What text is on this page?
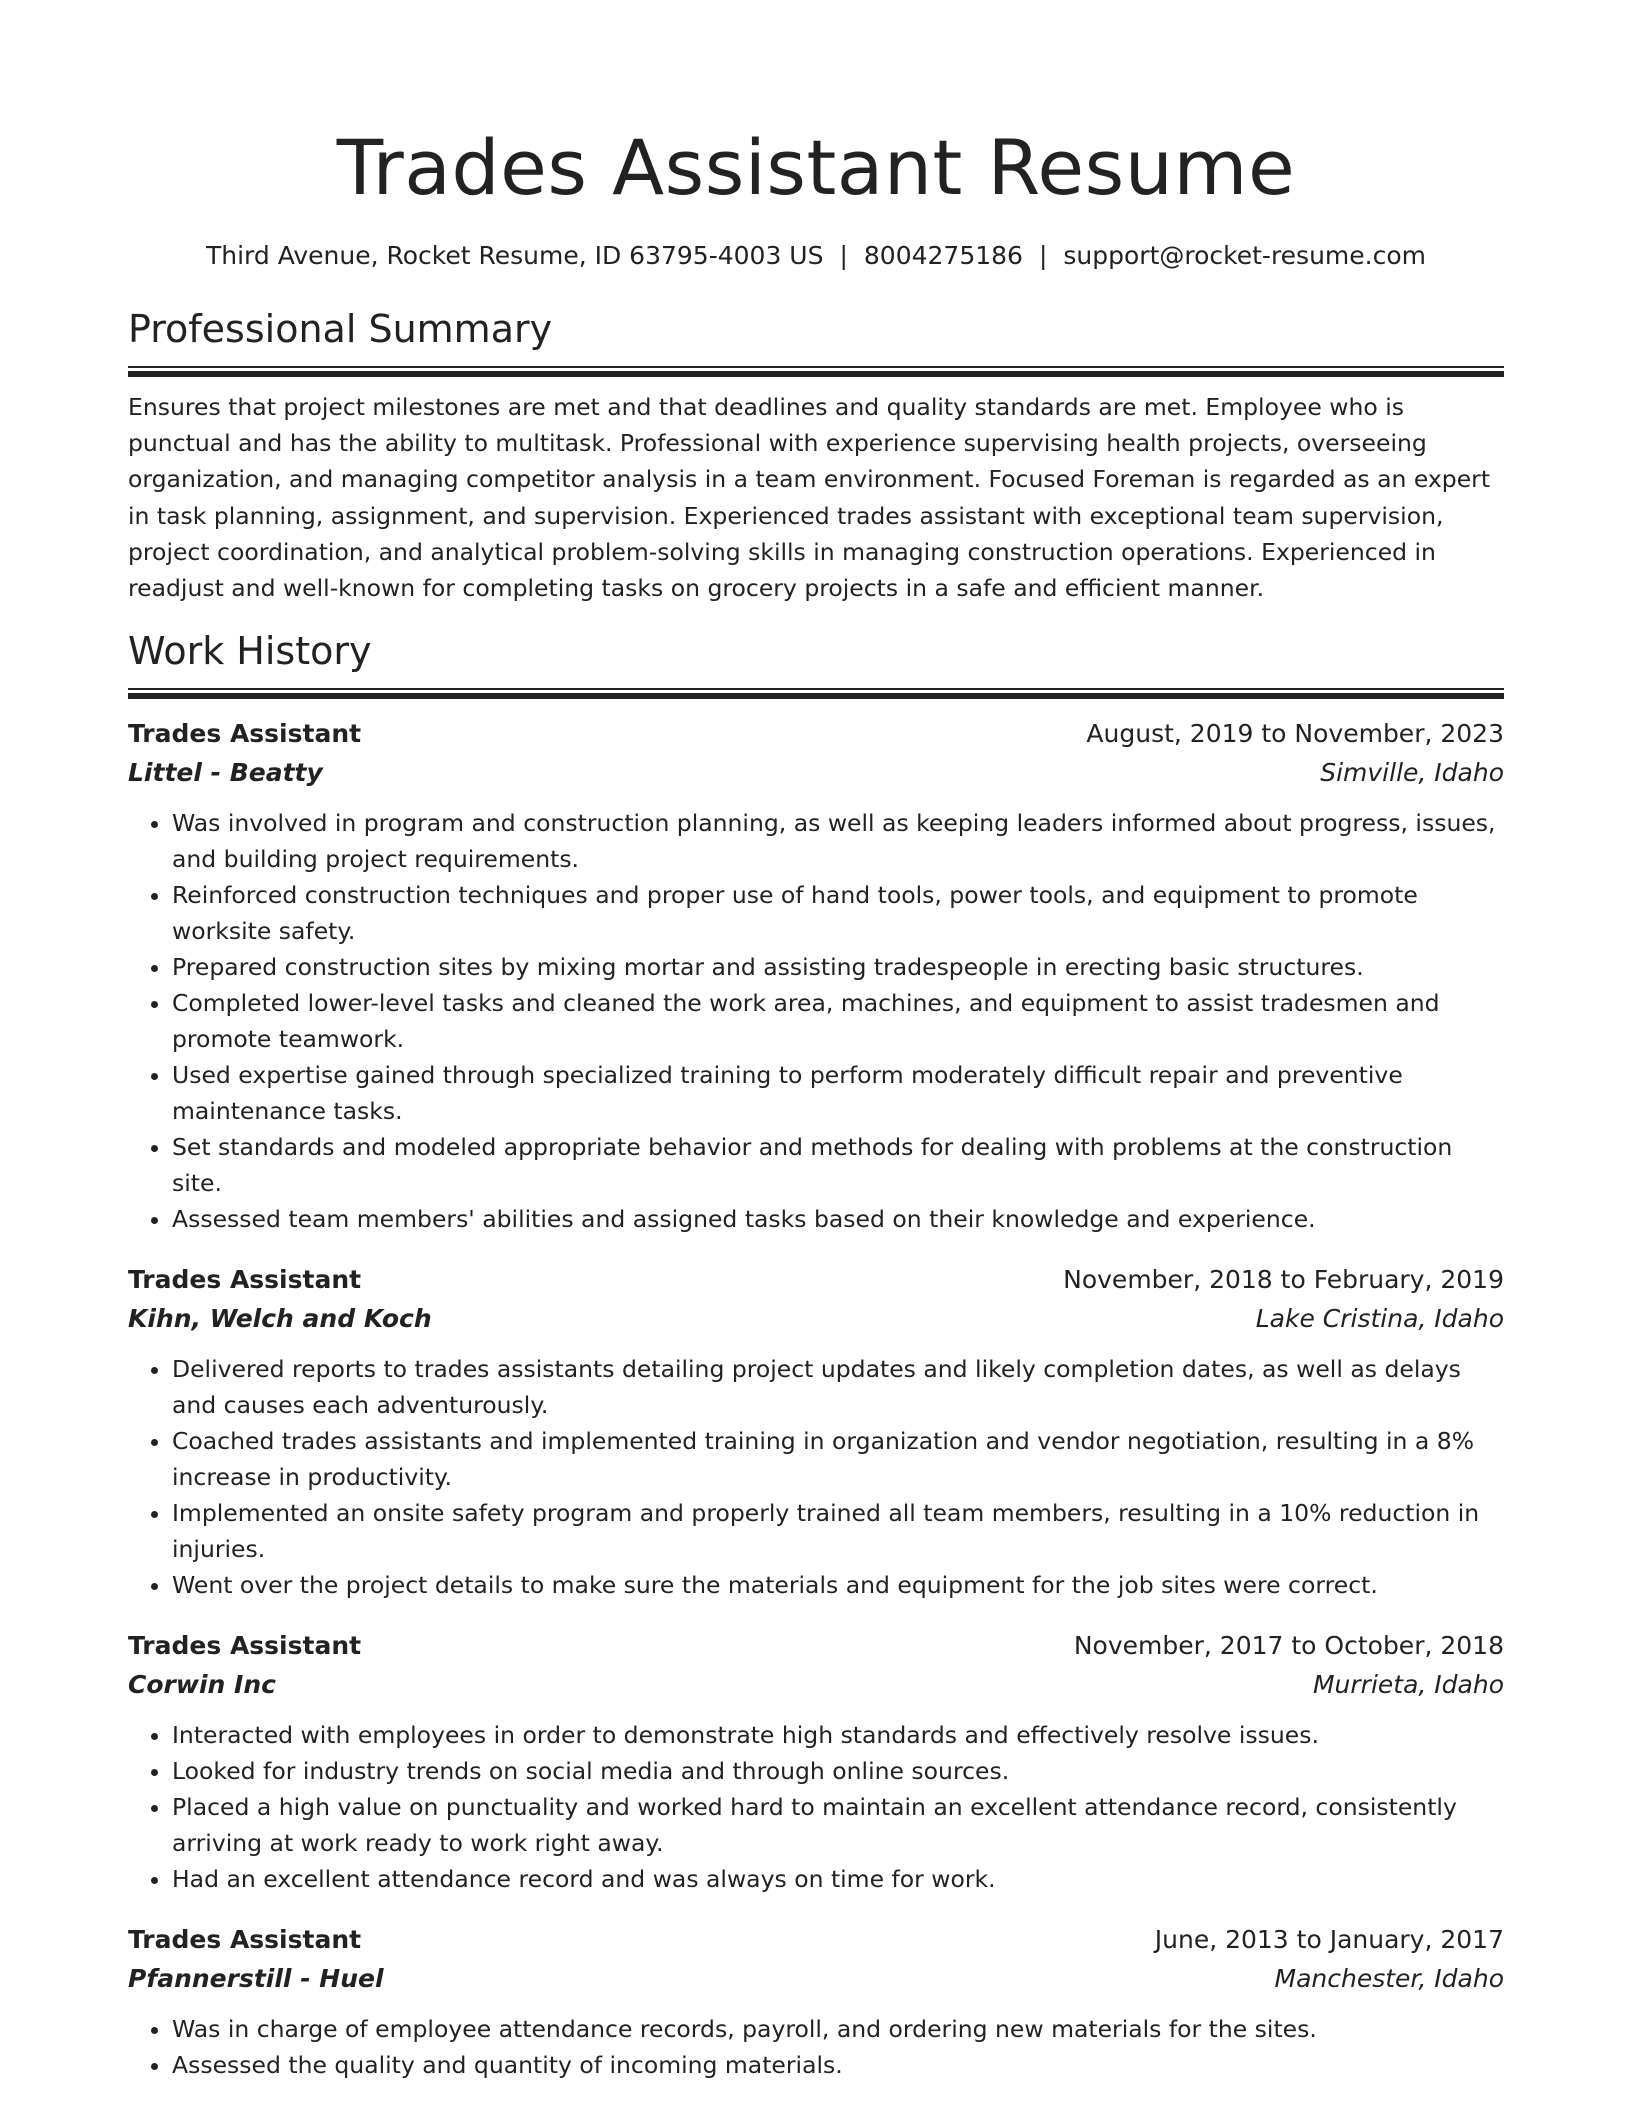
Trades Assistant Resume
Third Avenue, Rocket Resume, ID 63795-4003 US | 8004275186 | support@rocket-resume.com
Professional Summary

Ensures that project milestones are met and that deadlines and quality standards are met. Employee who is punctual and has the ability to multitask. Professional with experience supervising health projects, overseeing organization, and managing competitor analysis in a team environment. Focused Foreman is regarded as an expert in task planning, assignment, and supervision. Experienced trades assistant with exceptional team supervision, project coordination, and analytical problem-solving skills in managing construction operations. Experienced in readjust and well-known for completing tasks on grocery projects in a safe and efficient manner.

Work History
Trades Assistant	August, 2019 to November, 2023
Littel - Beatty	Simville, Idaho
• Was involved in program and construction planning, as well as keeping leaders informed about progress, issues, and building project requirements.
• Reinforced construction techniques and proper use of hand tools, power tools, and equipment to promote worksite safety.
• Prepared construction sites by mixing mortar and assisting tradespeople in erecting basic structures.
• Completed lower-level tasks and cleaned the work area, machines, and equipment to assist tradesmen and promote teamwork.
• Used expertise gained through specialized training to perform moderately difficult repair and preventive maintenance tasks.
• Set standards and modeled appropriate behavior and methods for dealing with problems at the construction site.
• Assessed team members' abilities and assigned tasks based on their knowledge and experience.
Trades Assistant	November, 2018 to February, 2019
Kihn, Welch and Koch	Lake Cristina, Idaho
• Delivered reports to trades assistants detailing project updates and likely completion dates, as well as delays and causes each adventurously.
• Coached trades assistants and implemented training in organization and vendor negotiation, resulting in a 8% increase in productivity.
• Implemented an onsite safety program and properly trained all team members, resulting in a 10% reduction in injuries.
• Went over the project details to make sure the materials and equipment for the job sites were correct.
Trades Assistant	November, 2017 to October, 2018
Corwin Inc	Murrieta, Idaho
• Interacted with employees in order to demonstrate high standards and effectively resolve issues.
• Looked for industry trends on social media and through online sources.
• Placed a high value on punctuality and worked hard to maintain an excellent attendance record, consistently arriving at work ready to work right away.
• Had an excellent attendance record and was always on time for work.
Trades Assistant	June, 2013 to January, 2017
Pfannerstill - Huel	Manchester, Idaho
• Was in charge of employee attendance records, payroll, and ordering new materials for the sites.
• Assessed the quality and quantity of incoming materials.
